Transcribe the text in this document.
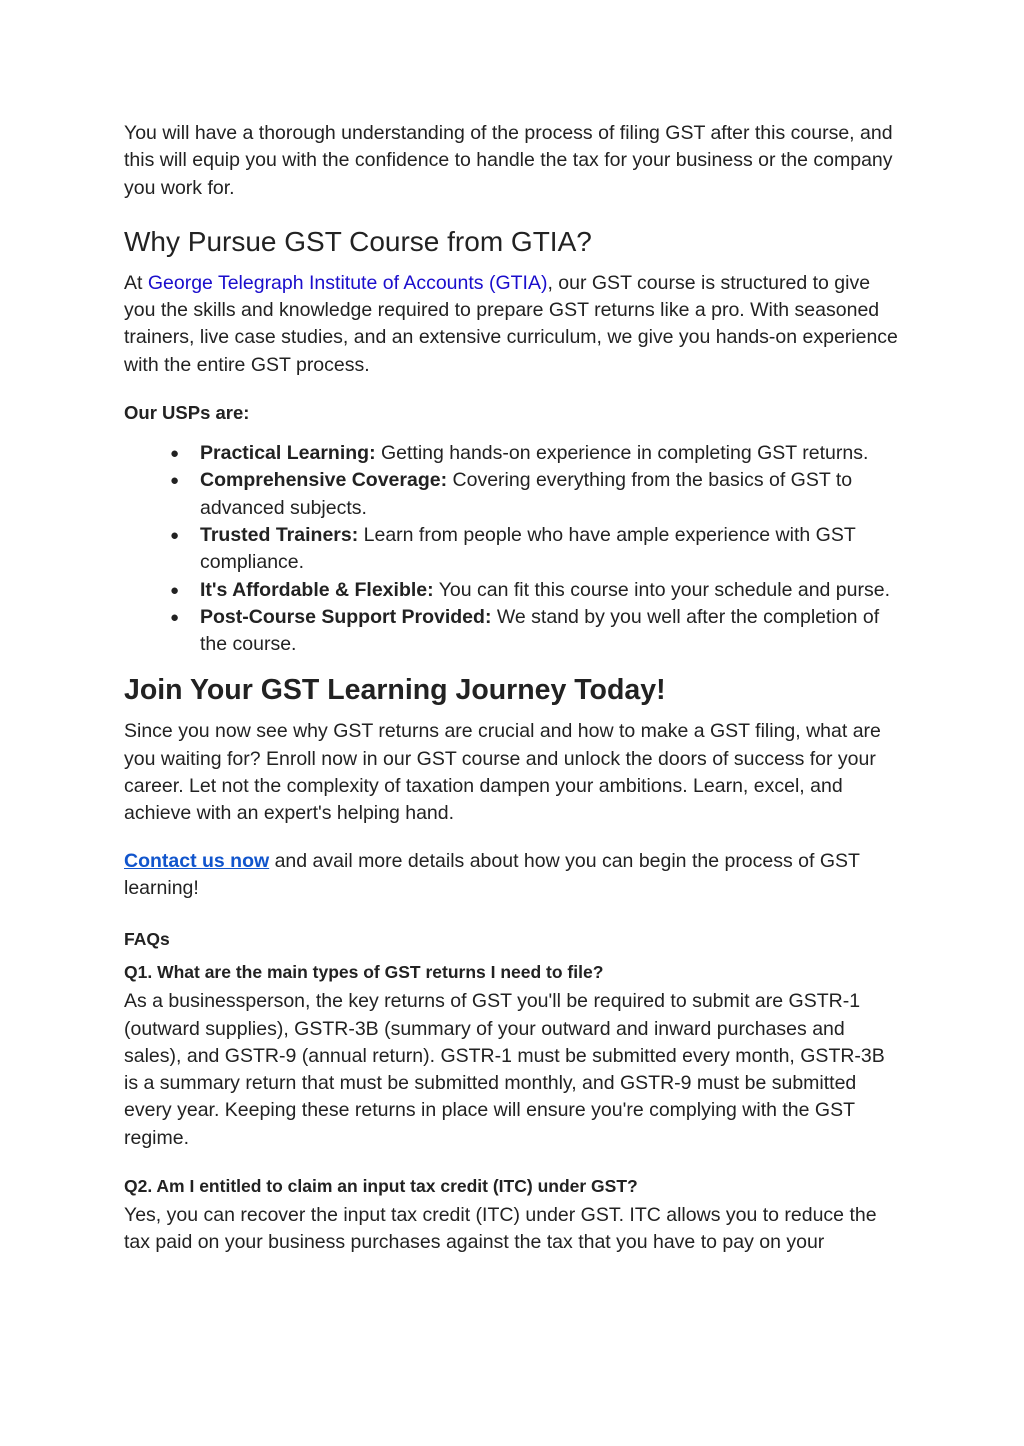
You will have a thorough understanding of the process of filing GST after this course, and this will equip you with the confidence to handle the tax for your business or the company you work for.

Why Pursue GST Course from GTIA?

At George Telegraph Institute of Accounts (GTIA), our GST course is structured to give you the skills and knowledge required to prepare GST returns like a pro. With seasoned trainers, live case studies, and an extensive curriculum, we give you hands-on experience with the entire GST process.

Our USPs are:
● Practical Learning: Getting hands-on experience in completing GST returns.
● Comprehensive Coverage: Covering everything from the basics of GST to advanced subjects.
● Trusted Trainers: Learn from people who have ample experience with GST compliance.
● It's Affordable & Flexible: You can fit this course into your schedule and purse.
● Post-Course Support Provided: We stand by you well after the completion of the course.
Join Your GST Learning Journey Today!

Since you now see why GST returns are crucial and how to make a GST filing, what are you waiting for? Enroll now in our GST course and unlock the doors of success for your career. Let not the complexity of taxation dampen your ambitions. Learn, excel, and achieve with an expert's helping hand.

Contact us now and avail more details about how you can begin the process of GST learning!

FAQs
Q1. What are the main types of GST returns I need to file?

As a businessperson, the key returns of GST you'll be required to submit are GSTR-1 (outward supplies), GSTR-3B (summary of your outward and inward purchases and sales), and GSTR-9 (annual return). GSTR-1 must be submitted every month, GSTR-3B is a summary return that must be submitted monthly, and GSTR-9 must be submitted every year. Keeping these returns in place will ensure you're complying with the GST regime.

Q2. Am I entitled to claim an input tax credit (ITC) under GST?

Yes, you can recover the input tax credit (ITC) under GST. ITC allows you to reduce the tax paid on your business purchases against the tax that you have to pay on your
